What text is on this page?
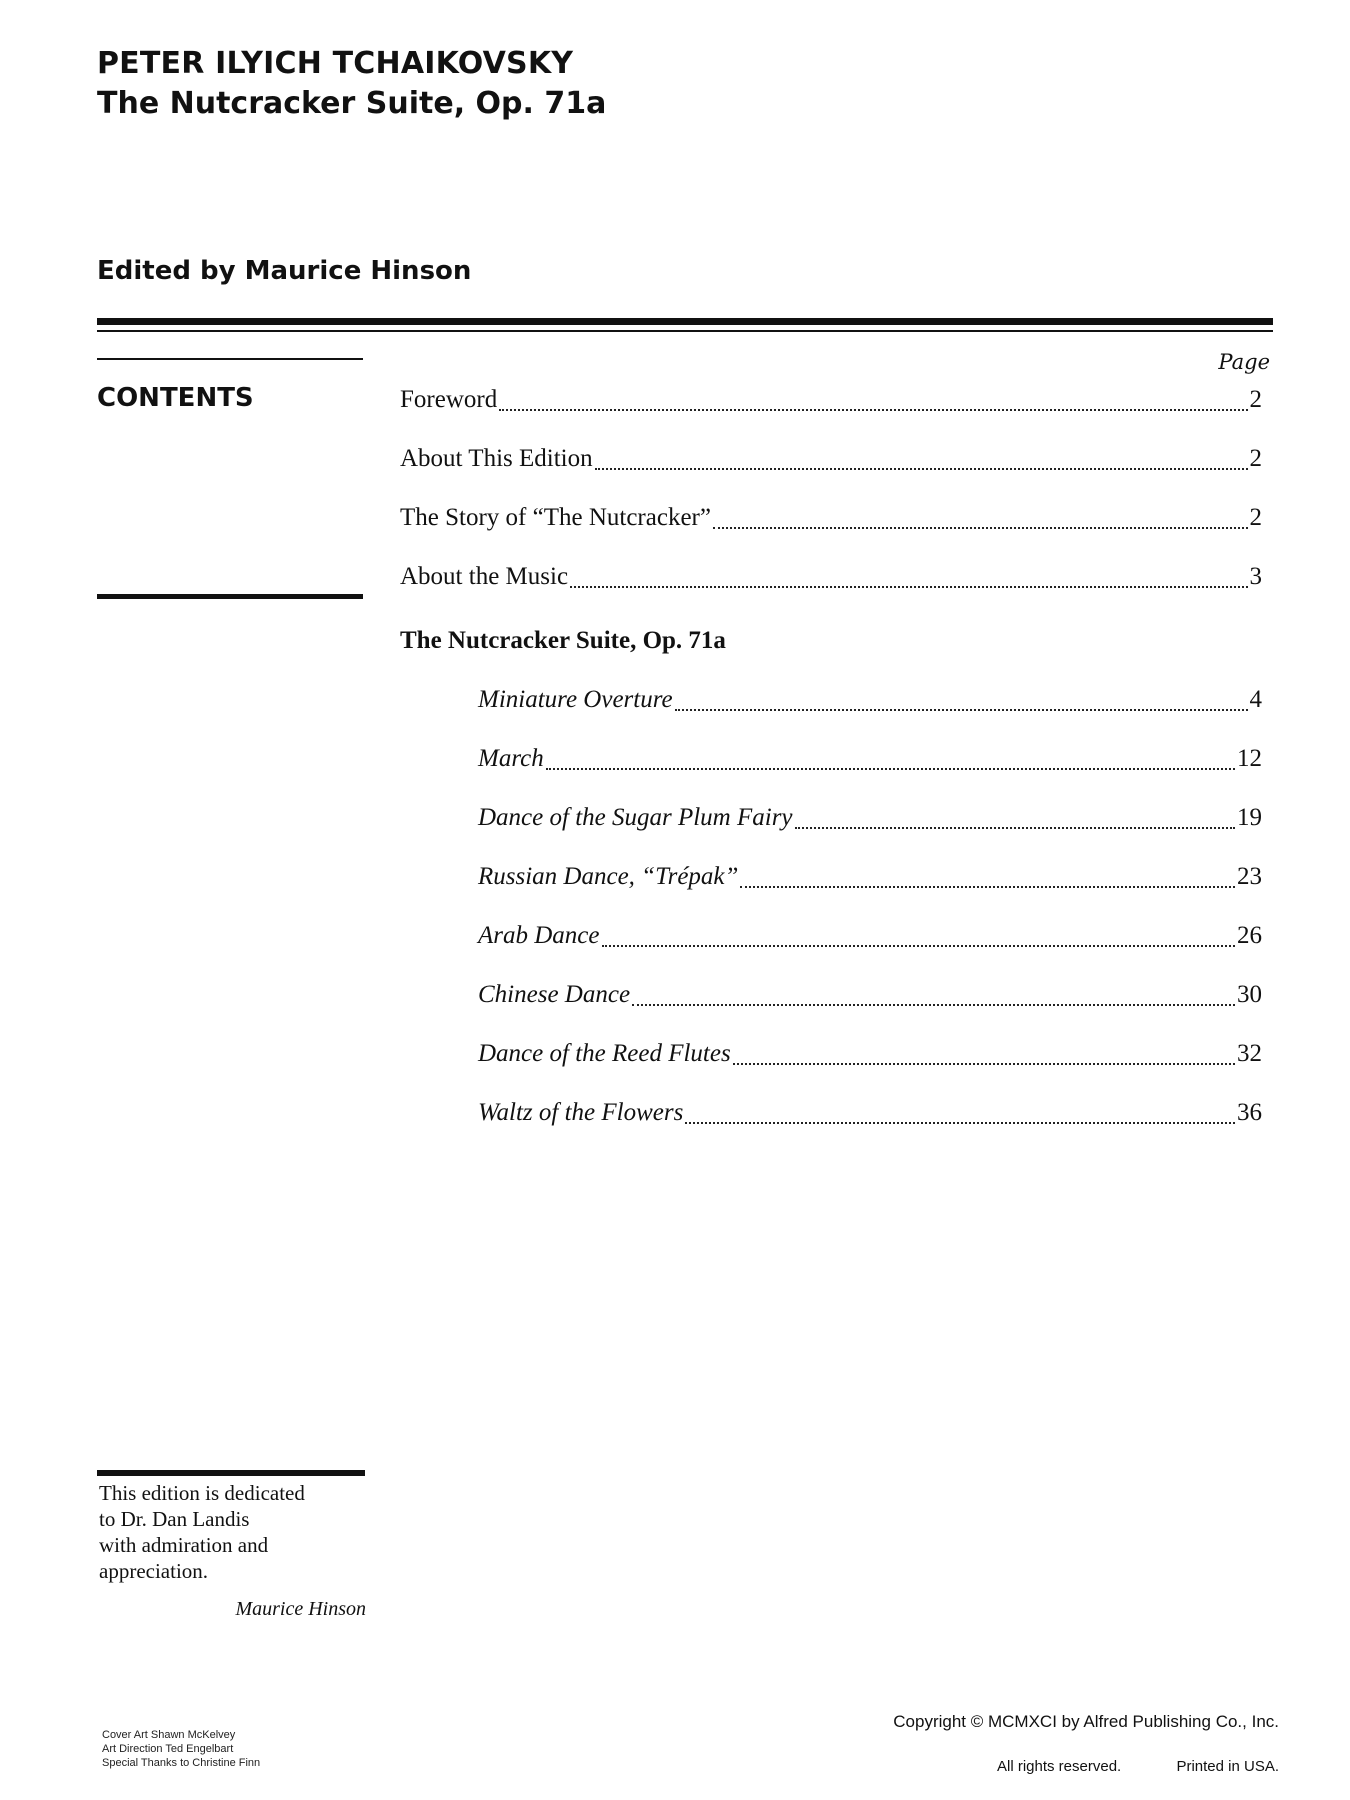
PETER ILYICH TCHAIKOVSKY
The Nutcracker Suite, Op. 71a
Edited by Maurice Hinson
CONTENTS
Page
Foreword	2
About This Edition	2
The Story of “The Nutcracker”	2
About the Music	3
The Nutcracker Suite, Op. 71a
Miniature Overture	4
March	12
Dance of the Sugar Plum Fairy	19
Russian Dance, “Trépak”	23
Arab Dance	26
Chinese Dance	30
Dance of the Reed Flutes	32
Waltz of the Flowers	36
This edition is dedicated
to Dr. Dan Landis
with admiration and
appreciation.
Maurice Hinson
Cover Art Shawn McKelvey
Art Direction Ted Engelbart
Special Thanks to Christine Finn
Copyright © MCMXCI by Alfred Publishing Co., Inc.
All rights reserved.	Printed in USA.
